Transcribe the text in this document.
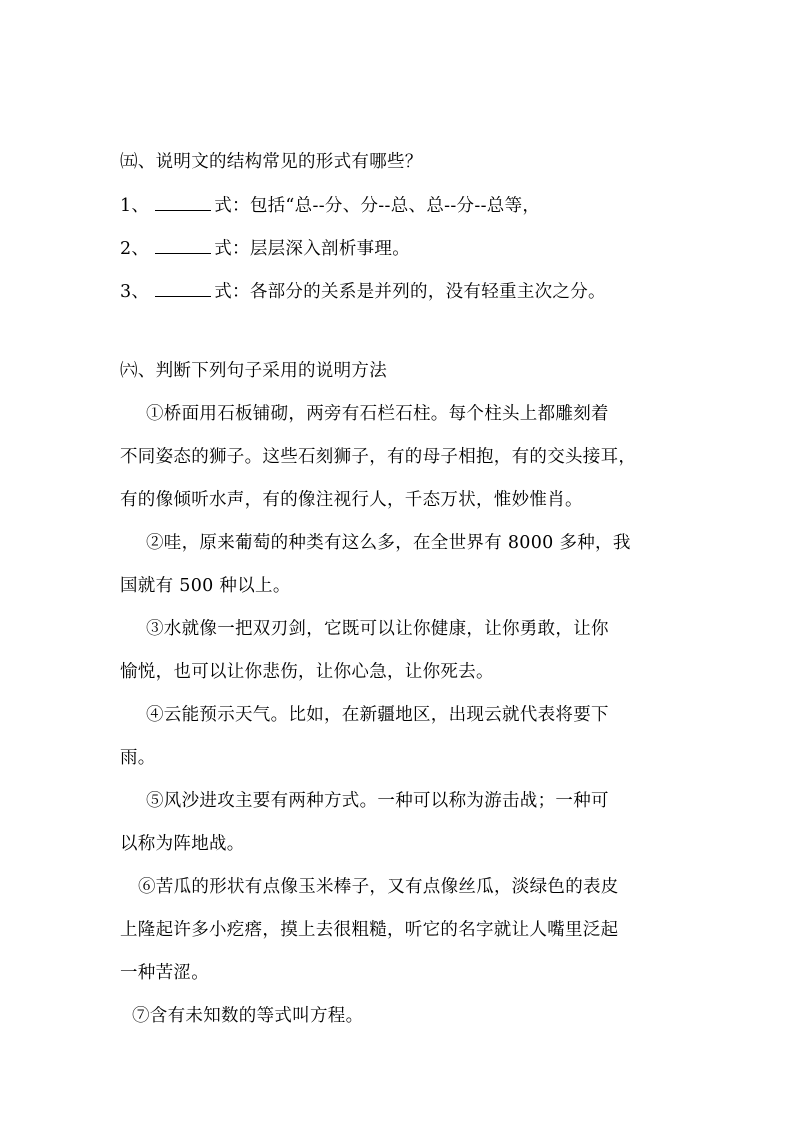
㈤、说明文的结构常见的形式有哪些？
1、	式：包括“总--分、分--总、总--分--总等，
2、	式：层层深入剖析事理。
3、	式：各部分的关系是并列的，没有轻重主次之分。
㈥、判断下列句子采用的说明方法
①桥面用石板铺砌，两旁有石栏石柱。每个柱头上都雕刻着
不同姿态的狮子。这些石刻狮子，有的母子相抱，有的交头接耳，
有的像倾听水声，有的像注视行人，千态万状，惟妙惟肖。
②哇，原来葡萄的种类有这么多，在全世界有 8000 多种，我
国就有 500 种以上。
③水就像一把双刃剑，它既可以让你健康，让你勇敢，让你
愉悦，也可以让你悲伤，让你心急，让你死去。
④云能预示天气。比如，在新疆地区，出现云就代表将要下
雨。
⑤风沙进攻主要有两种方式。一种可以称为游击战；一种可
以称为阵地战。
⑥苦瓜的形状有点像玉米棒子，又有点像丝瓜，淡绿色的表皮
上隆起许多小疙瘩，摸上去很粗糙，听它的名字就让人嘴里泛起
一种苦涩。
⑦含有未知数的等式叫方程。
